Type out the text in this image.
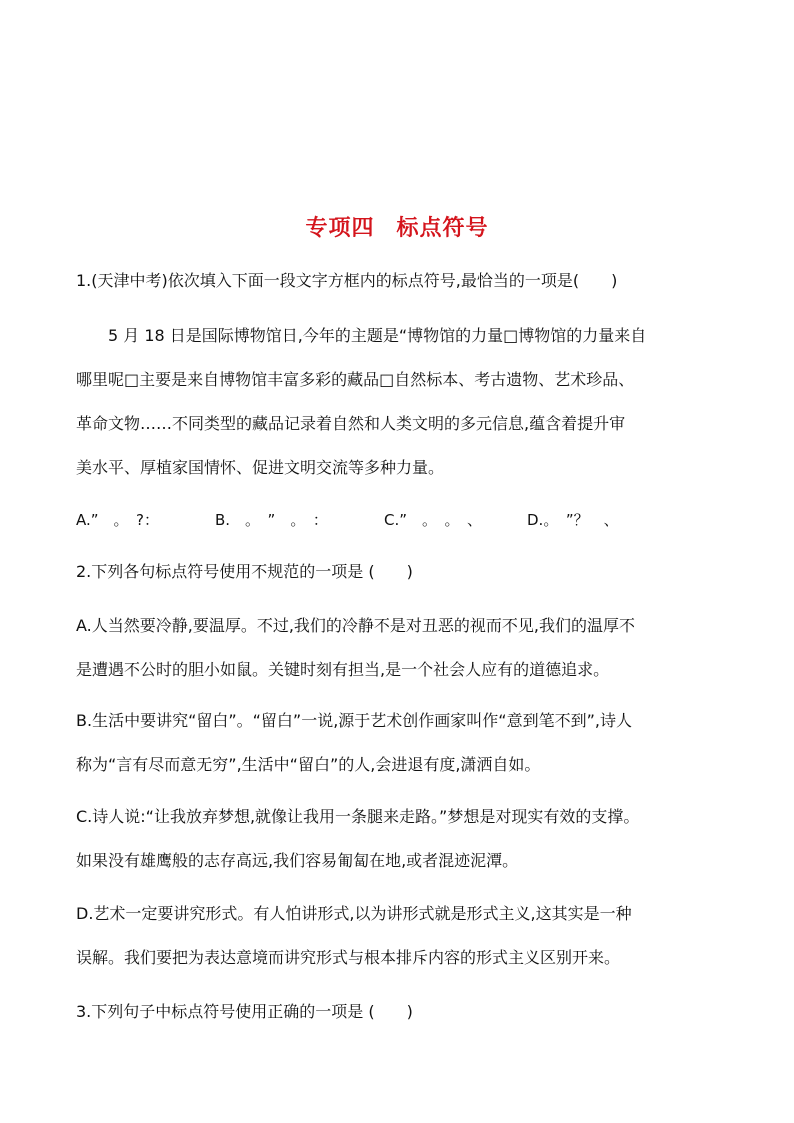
专项四 标点符号
1.(天津中考)依次填入下面一段文字方框内的标点符号,最恰当的一项是(　　)
　　5 月 18 日是国际博物馆日,今年的主题是“博物馆的力量□博物馆的力量来自
哪里呢□主要是来自博物馆丰富多彩的藏品□自然标本、考古遗物、艺术珍品、
革命文物……不同类型的藏品记录着自然和人类文明的多元信息,蕴含着提升审
美水平、厚植家国情怀、促进文明交流等多种力量。
A.”　。　?：	B.　。　”　。　：	C.”　。　。　、	D.。　”？　、
2.下列各句标点符号使用不规范的一项是 (　　)
A.人当然要冷静,要温厚。不过,我们的冷静不是对丑恶的视而不见,我们的温厚不
是遭遇不公时的胆小如鼠。关键时刻有担当,是一个社会人应有的道德追求。
B.生活中要讲究“留白”。“留白”一说,源于艺术创作画家叫作“意到笔不到”,诗人
称为“言有尽而意无穷”,生活中“留白”的人,会进退有度,潇洒自如。
C.诗人说:“让我放弃梦想,就像让我用一条腿来走路。”梦想是对现实有效的支撑。
如果没有雄鹰般的志存高远,我们容易匍匐在地,或者混迹泥潭。
D.艺术一定要讲究形式。有人怕讲形式,以为讲形式就是形式主义,这其实是一种
误解。我们要把为表达意境而讲究形式与根本排斥内容的形式主义区别开来。
3.下列句子中标点符号使用正确的一项是 (　　)
